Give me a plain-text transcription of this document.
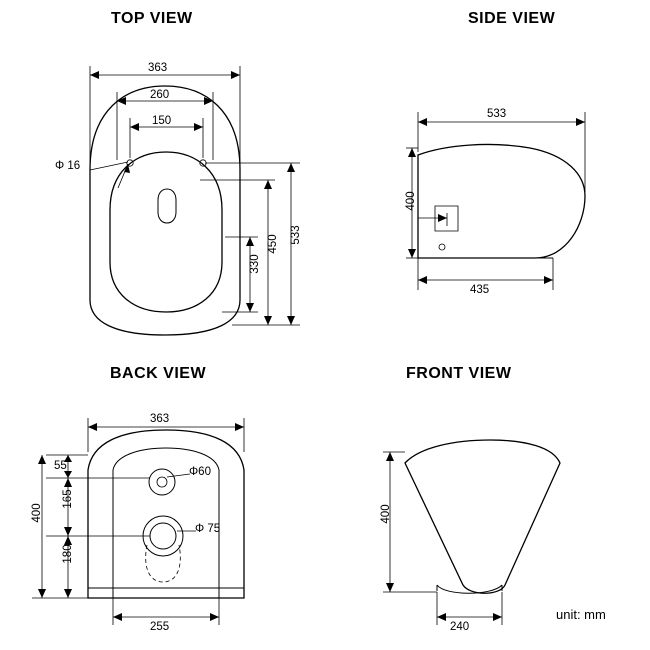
TOP VIEW	SIDE VIEW
BACK VIEW	FRONT VIEW
363
260
150
Φ 16
533
450
330
533
400
435
363
55
165
180
400
Φ60
Φ 75
255
400
240
unit: mm
